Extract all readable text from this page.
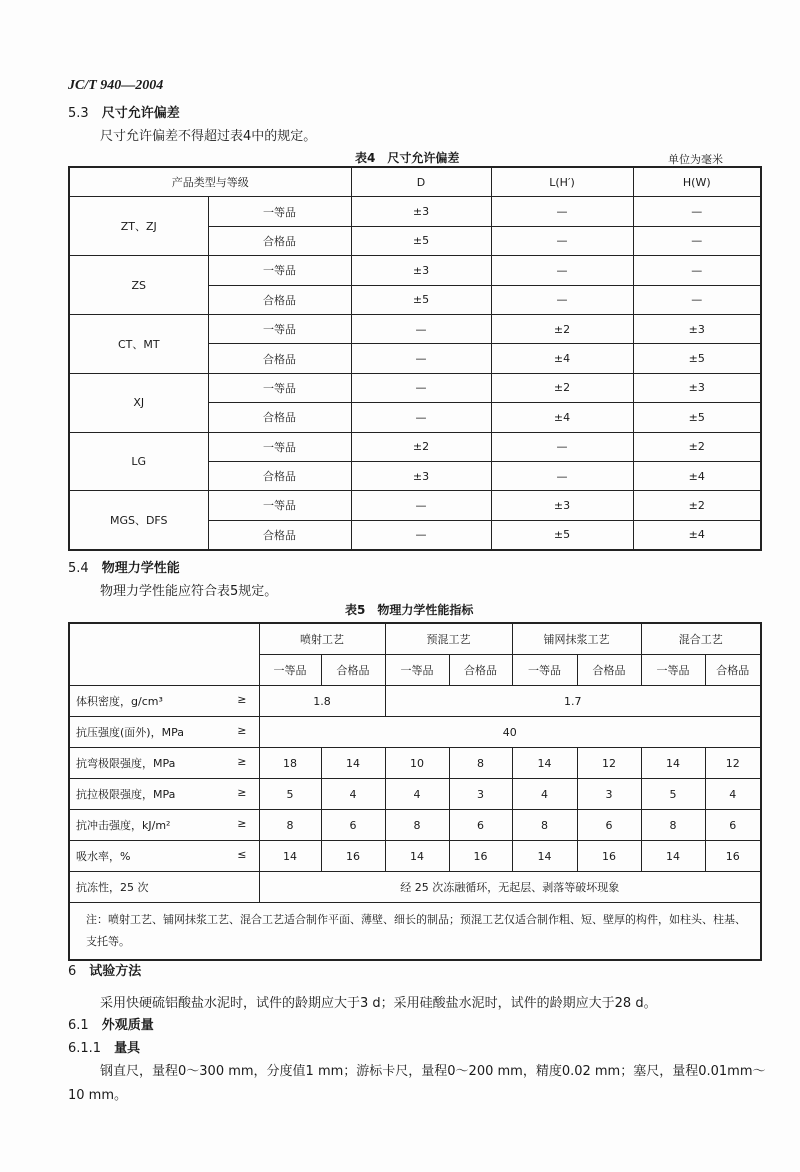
JC/T 940—2004
5.3　 尺寸允许偏差
尺寸允许偏差不得超过表4中的规定。
表4　尺寸允许偏差	单位为毫米
产品类型与等级		D	L(H′)	H(W)
ZT、ZJ	一等品	±3	—	—
	合格品	±5	—	—
ZS	一等品	±3	—	—
	合格品	±5	—	—
CT、MT	一等品	—	±2	±3
	合格品	—	±4	±5
XJ	一等品	—	±2	±3
	合格品	—	±4	±5
LG	一等品	±2	—	±2
	合格品	±3	—	±4
MGS、DFS	一等品	—	±3	±2
	合格品	—	±5	±4
5.4　 物理力学性能
物理力学性能应符合表5规定。
表5　物理力学性能指标
	喷射工艺		预混工艺		铺网抹浆工艺		混合工艺	
	一等品	合格品	一等品	合格品	一等品	合格品	一等品	合格品
体积密度，g/cm³ ≥	1.8		1.7					
抗压强度(面外)，MPa ≥	40							
抗弯极限强度，MPa ≥	18	14	10	8	14	12	14	12
抗拉极限强度，MPa ≥	5	4	4	3	4	3	5	4
抗冲击强度，kJ/m² ≥	8	6	8	6	8	6	8	6
吸水率，% ≤	14	16	14	16	14	16	14	16
抗冻性，25 次	经 25 次冻融循环，无起层、剥落等破坏现象							
注：喷射工艺、铺网抹浆工艺、混合工艺适合制作平面、薄壁、细长的制品；预混工艺仅适合制作粗、短、壁厚的构件，如柱头、柱基、支托等。								
6　 试验方法
采用快硬硫铝酸盐水泥时，试件的龄期应大于3 d；采用硅酸盐水泥时，试件的龄期应大于28 d。
6.1　 外观质量
6.1.1　 量具
钢直尺，量程0～300 mm，分度值1 mm；游标卡尺，量程0～200 mm，精度0.02 mm；塞尺，量程0.01mm～
10 mm。
